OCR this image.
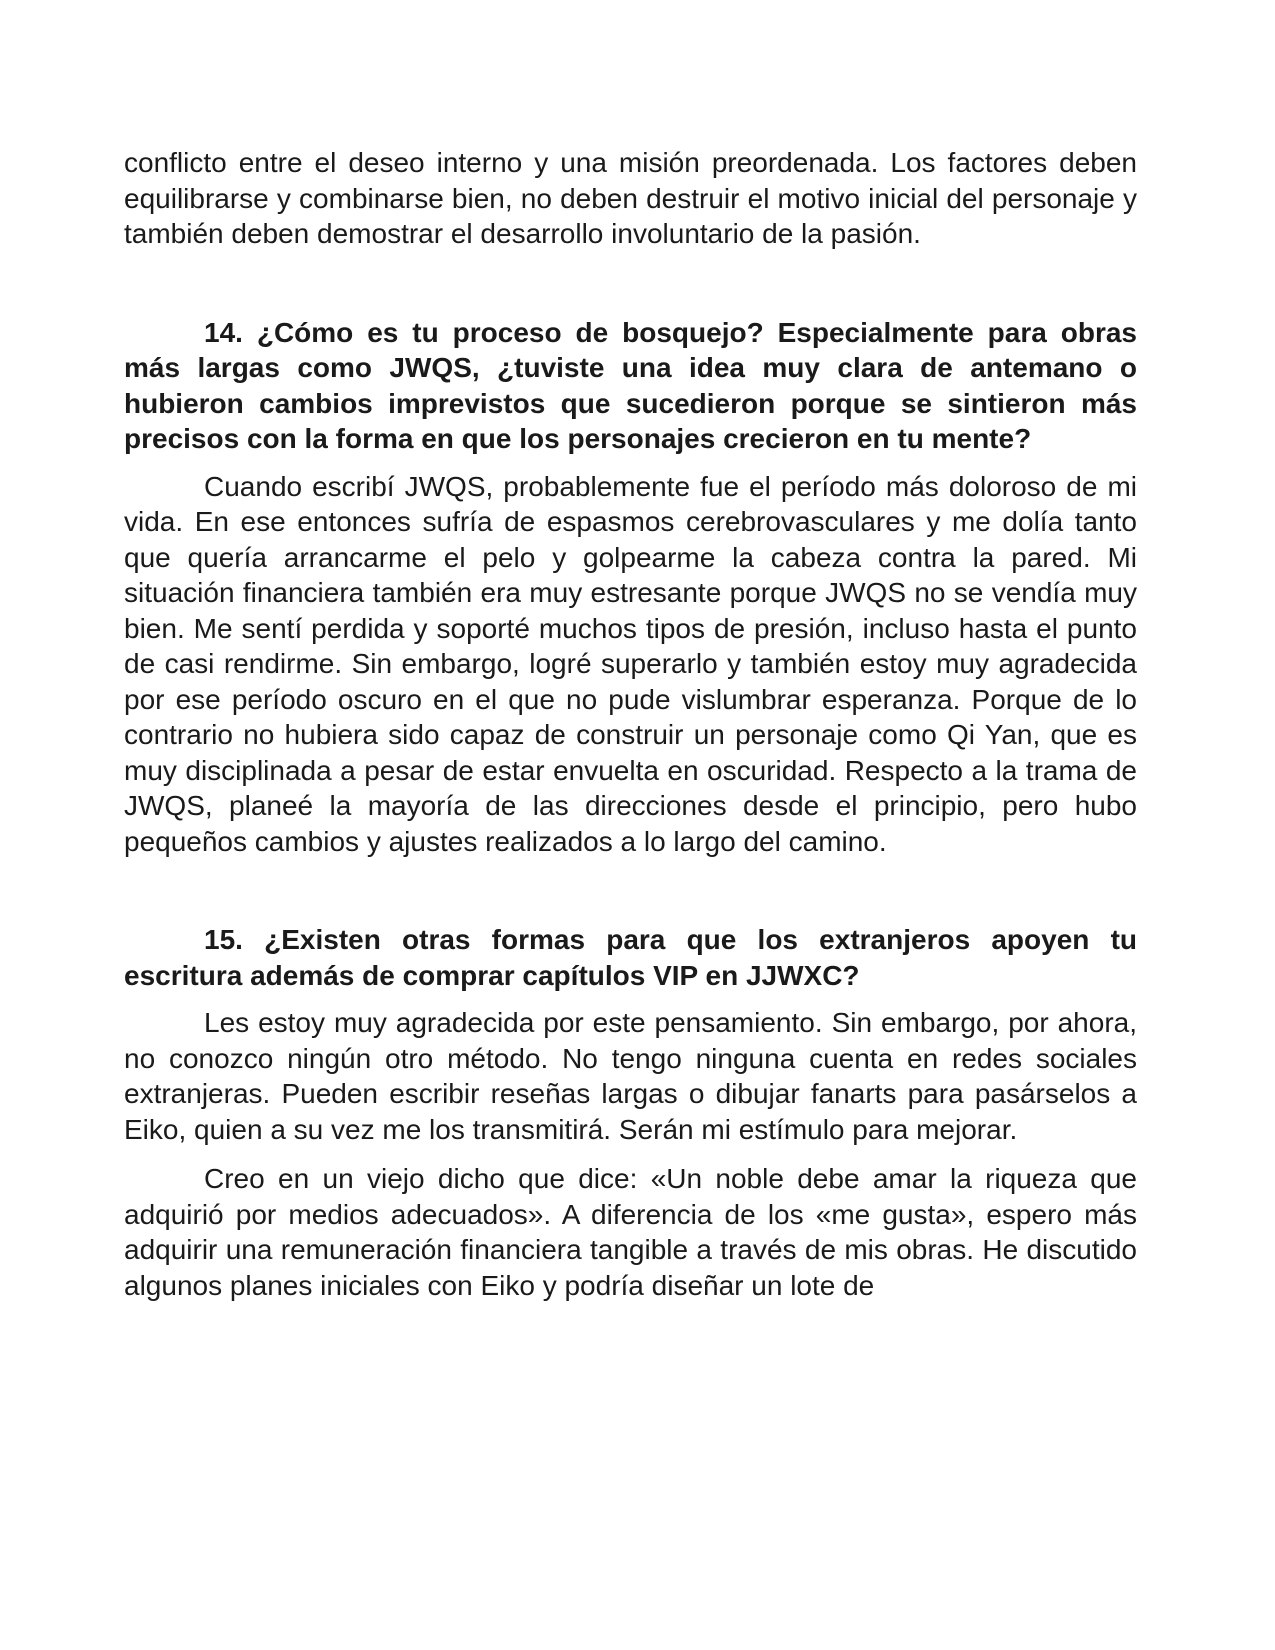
conflicto entre el deseo interno y una misión preordenada. Los factores deben equilibrarse y combinarse bien, no deben destruir el motivo inicial del personaje y también deben demostrar el desarrollo involuntario de la pasión.

14. ¿Cómo es tu proceso de bosquejo? Especialmente para obras más largas como JWQS, ¿tuviste una idea muy clara de antemano o hubieron cambios imprevistos que sucedieron porque se sintieron más precisos con la forma en que los personajes crecieron en tu mente?

Cuando escribí JWQS, probablemente fue el período más doloroso de mi vida. En ese entonces sufría de espasmos cerebrovasculares y me dolía tanto que quería arrancarme el pelo y golpearme la cabeza contra la pared. Mi situación financiera también era muy estresante porque JWQS no se vendía muy bien. Me sentí perdida y soporté muchos tipos de presión, incluso hasta el punto de casi rendirme. Sin embargo, logré superarlo y también estoy muy agradecida por ese período oscuro en el que no pude vislumbrar esperanza. Porque de lo contrario no hubiera sido capaz de construir un personaje como Qi Yan, que es muy disciplinada a pesar de estar envuelta en oscuridad. Respecto a la trama de JWQS, planeé la mayoría de las direcciones desde el principio, pero hubo pequeños cambios y ajustes realizados a lo largo del camino.

15. ¿Existen otras formas para que los extranjeros apoyen tu escritura además de comprar capítulos VIP en JJWXC?

Les estoy muy agradecida por este pensamiento. Sin embargo, por ahora, no conozco ningún otro método. No tengo ninguna cuenta en redes sociales extranjeras. Pueden escribir reseñas largas o dibujar fanarts para pasárselos a Eiko, quien a su vez me los transmitirá. Serán mi estímulo para mejorar.

Creo en un viejo dicho que dice: «Un noble debe amar la riqueza que adquirió por medios adecuados». A diferencia de los «me gusta», espero más adquirir una remuneración financiera tangible a través de mis obras. He discutido algunos planes iniciales con Eiko y podría diseñar un lote de
